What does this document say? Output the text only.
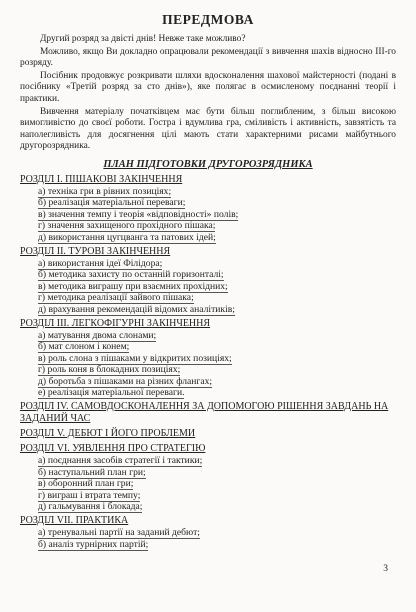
ПЕРЕДМОВА

Другий розряд за двісті днів! Невже таке можливо?

Можливо, якщо Ви докладно опрацювали рекомендації з вивчення шахів відносно ІІІ-го розряду.

Посібник продовжує розкривати шляхи вдосконалення шахової майстерності (подані в посібнику «Третій розряд за сто днів»), яке полягає в осмисленому поєднанні теорії і практики.

Вивчення матеріалу початківцем має бути більш поглибленим, з більш високою вимогливістю до своєї роботи. Гостра і вдумлива гра, сміливість і активність, завзятість та наполегливість для досягнення цілі мають стати характерними рисами майбутнього другорозрядника.

ПЛАН ПІДГОТОВКИ ДРУГОРОЗРЯДНИКА
РОЗДІЛ І. ПІШАКОВІ ЗАКІНЧЕННЯ
а) техніка гри в рівних позиціях;
б) реалізація матеріальної переваги;
в) значення темпу і теорія «відповідності» полів;
г) значення захищеного прохідного пішака;
д) використання цугцванга та патових ідей;
РОЗДІЛ ІІ. ТУРОВІ ЗАКІНЧЕННЯ
а) використання ідеї Філідора;
б) методика захисту по останній горизонталі;
в) методика виграшу при взаємних прохідних;
г) методика реалізації зайвого пішака;
д) врахування рекомендацій відомих аналітиків;
РОЗДІЛ ІІІ. ЛЕГКОФІГУРНІ ЗАКІНЧЕННЯ
а) матування двома слонами;
б) мат слоном і конем;
в) роль слона з пішаками у відкритих позиціях;
г) роль коня в блокадних позиціях;
д) боротьба з пішаками на різних флангах;
е) реалізація матеріальної переваги.
РОЗДІЛ IV. САМОВДОСКОНАЛЕННЯ ЗА ДОПОМОГОЮ РІШЕННЯ ЗАВДАНЬ НА ЗАДАНИЙ ЧАС
РОЗДІЛ V. ДЕБЮТ І ЙОГО ПРОБЛЕМИ
РОЗДІЛ VI. УЯВЛЕННЯ ПРО СТРАТЕГІЮ
а) поєднання засобів стратегії і тактики;
б) наступальний план гри;
в) оборонний план гри;
г) виграш і втрата темпу;
д) гальмування і блокада;
РОЗДІЛ VII. ПРАКТИКА
а) тренувальні партії на заданий дебют;
б) аналіз турнірних партій;
3
